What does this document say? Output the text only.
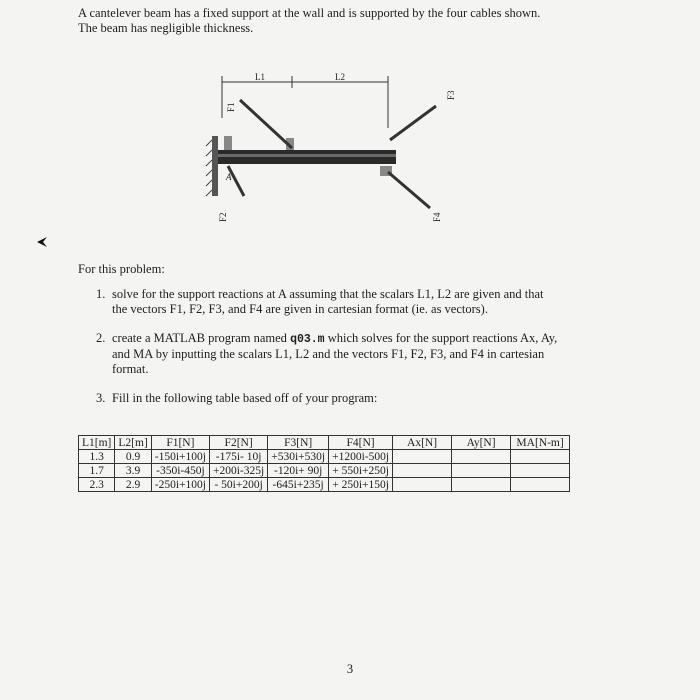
A cantelever beam has a fixed support at the wall and is supported by the four cables shown.

The beam has negligible thickness.

L1	L2
F1
F2
F3
F4
A
For this problem:
1. solve for the support reactions at A assuming that the scalars L1, L2 are given and that
the vectors F1, F2, F3, and F4 are given in cartesian format (ie. as vectors).
2. create a MATLAB program named q03.m which solves for the support reactions Ax, Ay,
and MA by inputting the scalars L1, L2 and the vectors F1, F2, F3, and F4 in cartesian
format.
3. Fill in the following table based off of your program:
L1[m]	L2[m]	F1[N]	F2[N]	F3[N]	F4[N]	Ax[N]	Ay[N]	MA[N-m]
1.3	0.9	-150i+100j	-175i- 10j	+530i+530j	+1200i-500j			
1.7	3.9	-350i-450j	+200i-325j	-120i+ 90j	+ 550i+250j			
2.3	2.9	-250i+100j	- 50i+200j	-645i+235j	+ 250i+150j			
3
